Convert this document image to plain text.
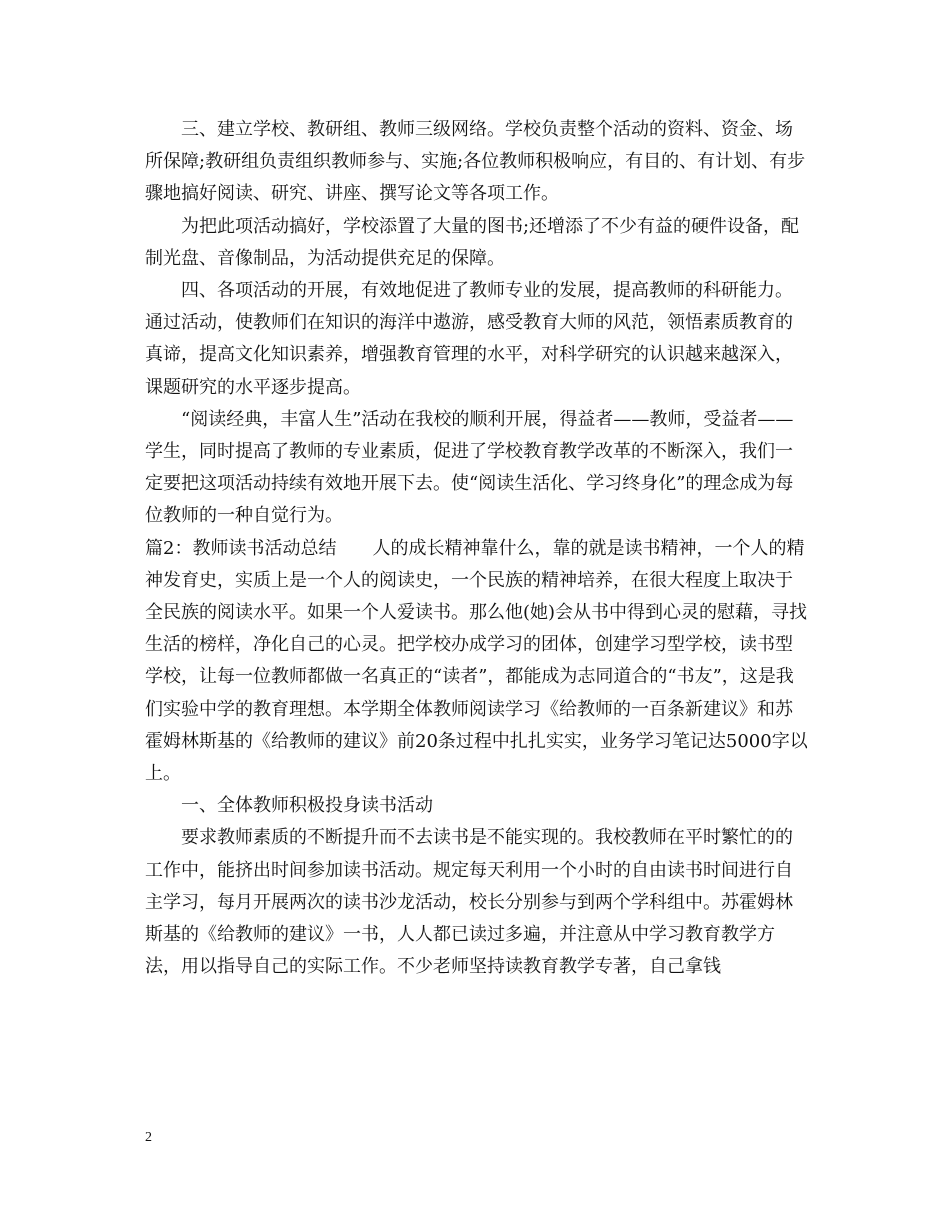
三、建立学校、教研组、教师三级网络。学校负责整个活动的资料、资金、场所保障;教研组负责组织教师参与、实施;各位教师积极响应，有目的、有计划、有步骤地搞好阅读、研究、讲座、撰写论文等各项工作。

为把此项活动搞好，学校添置了大量的图书;还增添了不少有益的硬件设备，配制光盘、音像制品，为活动提供充足的保障。

四、各项活动的开展，有效地促进了教师专业的发展，提高教师的科研能力。通过活动，使教师们在知识的海洋中遨游，感受教育大师的风范，领悟素质教育的真谛，提高文化知识素养，增强教育管理的水平，对科学研究的认识越来越深入，课题研究的水平逐步提高。

“阅读经典，丰富人生”活动在我校的顺利开展，得益者——教师，受益者——学生，同时提高了教师的专业素质，促进了学校教育教学改革的不断深入，我们一定要把这项活动持续有效地开展下去。使“阅读生活化、学习终身化”的理念成为每位教师的一种自觉行为。

篇2：教师读书活动总结　　人的成长精神靠什么，靠的就是读书精神，一个人的精神发育史，实质上是一个人的阅读史，一个民族的精神培养，在很大程度上取决于全民族的阅读水平。如果一个人爱读书。那么他(她)会从书中得到心灵的慰藉，寻找生活的榜样，净化自己的心灵。把学校办成学习的团体，创建学习型学校，读书型学校，让每一位教师都做一名真正的“读者”，都能成为志同道合的“书友”，这是我们实验中学的教育理想。本学期全体教师阅读学习《给教师的一百条新建议》和苏霍姆林斯基的《给教师的建议》前20条过程中扎扎实实，业务学习笔记达5000字以上。

一、全体教师积极投身读书活动

要求教师素质的不断提升而不去读书是不能实现的。我校教师在平时繁忙的的工作中，能挤出时间参加读书活动。规定每天利用一个小时的自由读书时间进行自主学习，每月开展两次的读书沙龙活动，校长分别参与到两个学科组中。苏霍姆林斯基的《给教师的建议》一书，人人都已读过多遍，并注意从中学习教育教学方法，用以指导自己的实际工作。不少老师坚持读教育教学专著，自己拿钱

2
